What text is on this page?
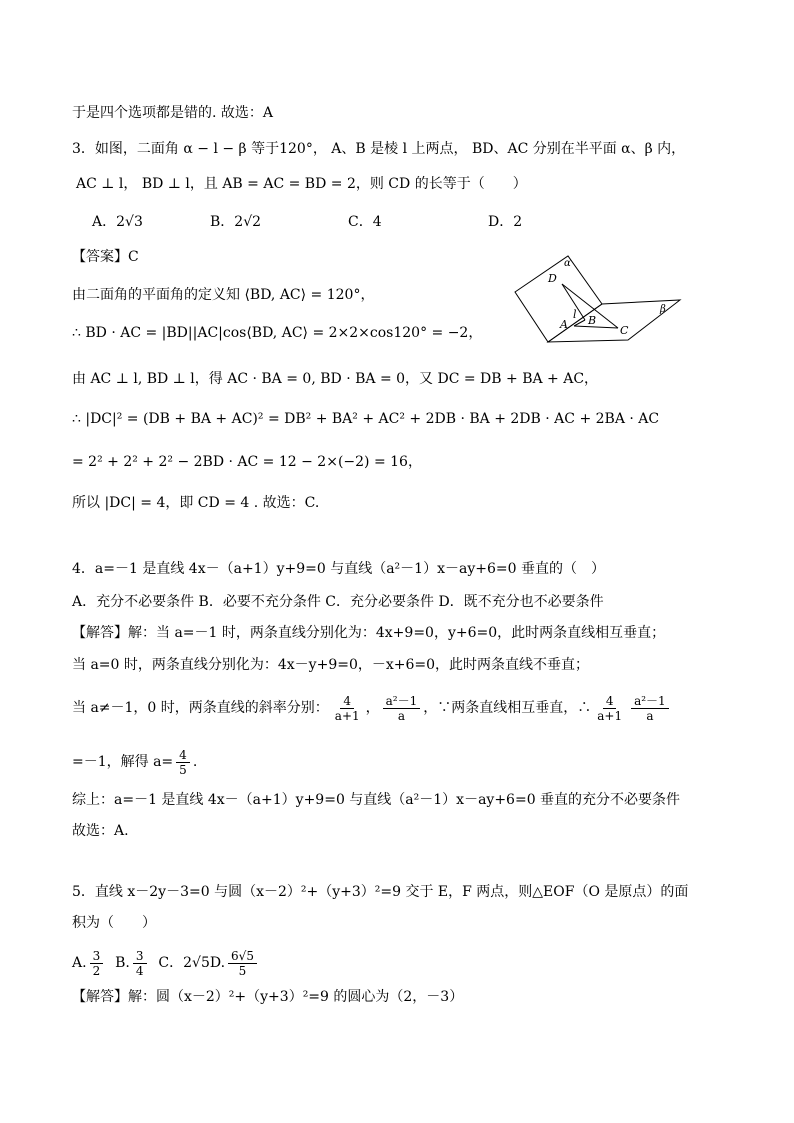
于是四个选项都是错的. 故选：A
3．如图，二面角 α − l − β 等于120°， A、B 是棱 l 上两点， BD、AC 分别在半平面 α、β 内，
AC ⊥ l， BD ⊥ l，且 AB = AC = BD = 2，则 CD 的长等于（　　）
A．2√3	B．2√2	C．4	D．2
【答案】C
由二面角的平面角的定义知 ⟨BD, AC⟩ = 120°，
∴ BD · AC = |BD||AC|cos⟨BD, AC⟩ = 2×2×cos120° = −2，
由 AC ⊥ l, BD ⊥ l，得 AC · BA = 0, BD · BA = 0，又 DC = DB + BA + AC，
∴ |DC|² = (DB + BA + AC)² = DB² + BA² + AC² + 2DB · BA + 2DB · AC + 2BA · AC
= 2² + 2² + 2² − 2BD · AC = 12 − 2×(−2) = 16，
所以 |DC| = 4，即 CD = 4 . 故选：C.
α
β
D
l
A B
C
4．a=－1 是直线 4x－（a+1）y+9=0 与直线（a²－1）x－ay+6=0 垂直的（　）
A．充分不必要条件 B．必要不充分条件 C．充分必要条件 D．既不充分也不必要条件
【解答】解：当 a=－1 时，两条直线分别化为：4x+9=0，y+6=0，此时两条直线相互垂直；
当 a=0 时，两条直线分别化为：4x－y+9=0，－x+6=0，此时两条直线不垂直；
当 a≠－1，0 时，两条直线的斜率分别： $\frac{4}{a+1}$ ， $\frac{\text{a²－1}}{a}$ ，∵两条直线相互垂直，∴ $\frac{4}{a+1} \frac{\text{a²－1}}{a}$
=－1，解得 $a= \frac{4}{5}$ .
综上：a=－1 是直线 4x－（a+1）y+9=0 与直线（a²－1）x－ay+6=0 垂直的充分不必要条件
故选：A.
5．直线 x－2y－3=0 与圆（x－2）²+（y+3）²=9 交于 E，F 两点，则△EOF（O 是原点）的面
积为（　　）
A. $\frac{3}{2} B$. $\frac{3}{4}$ C．2√5D. $\frac{6√5}{5}$
【解答】解：圆（x－2）²+（y+3）²=9 的圆心为（2，－3）
